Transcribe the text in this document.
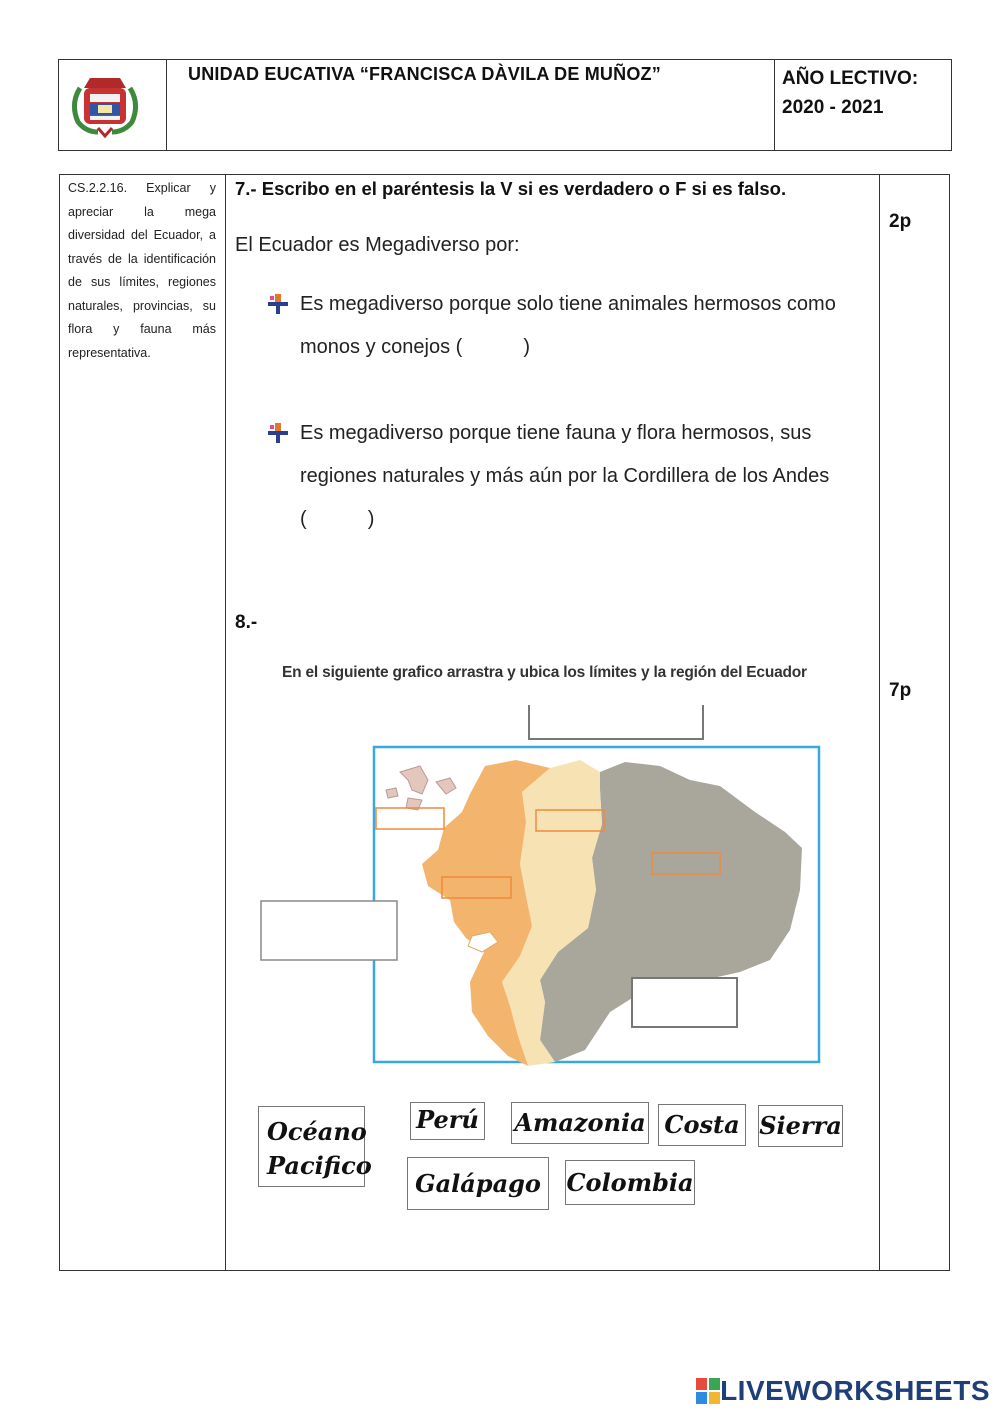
UNIDAD EUCATIVA “FRANCISCA DÀVILA DE MUÑOZ”	AÑO LECTIVO:
2020 - 2021
CS.2.2.16. Explicar y apreciar la mega diversidad del Ecuador, a través de la identificación de sus límites, regiones naturales, provincias, su flora y fauna más representativa.
7.- Escribo en el paréntesis la V si es verdadero o F si es falso.
2p
El Ecuador es Megadiverso por:
Es megadiverso porque solo tiene animales hermosos como
monos y conejos (           )
Es megadiverso porque tiene fauna y flora hermosos, sus
regiones naturales y más aún por la Cordillera de los Andes
(           )
8.-
7p
En el siguiente grafico arrastra y ubica los límites y la región del Ecuador
Océano
Pacifico
Perú Amazonia Costa Sierra
Galápago	Colombia
LIVEWORKSHEETS
